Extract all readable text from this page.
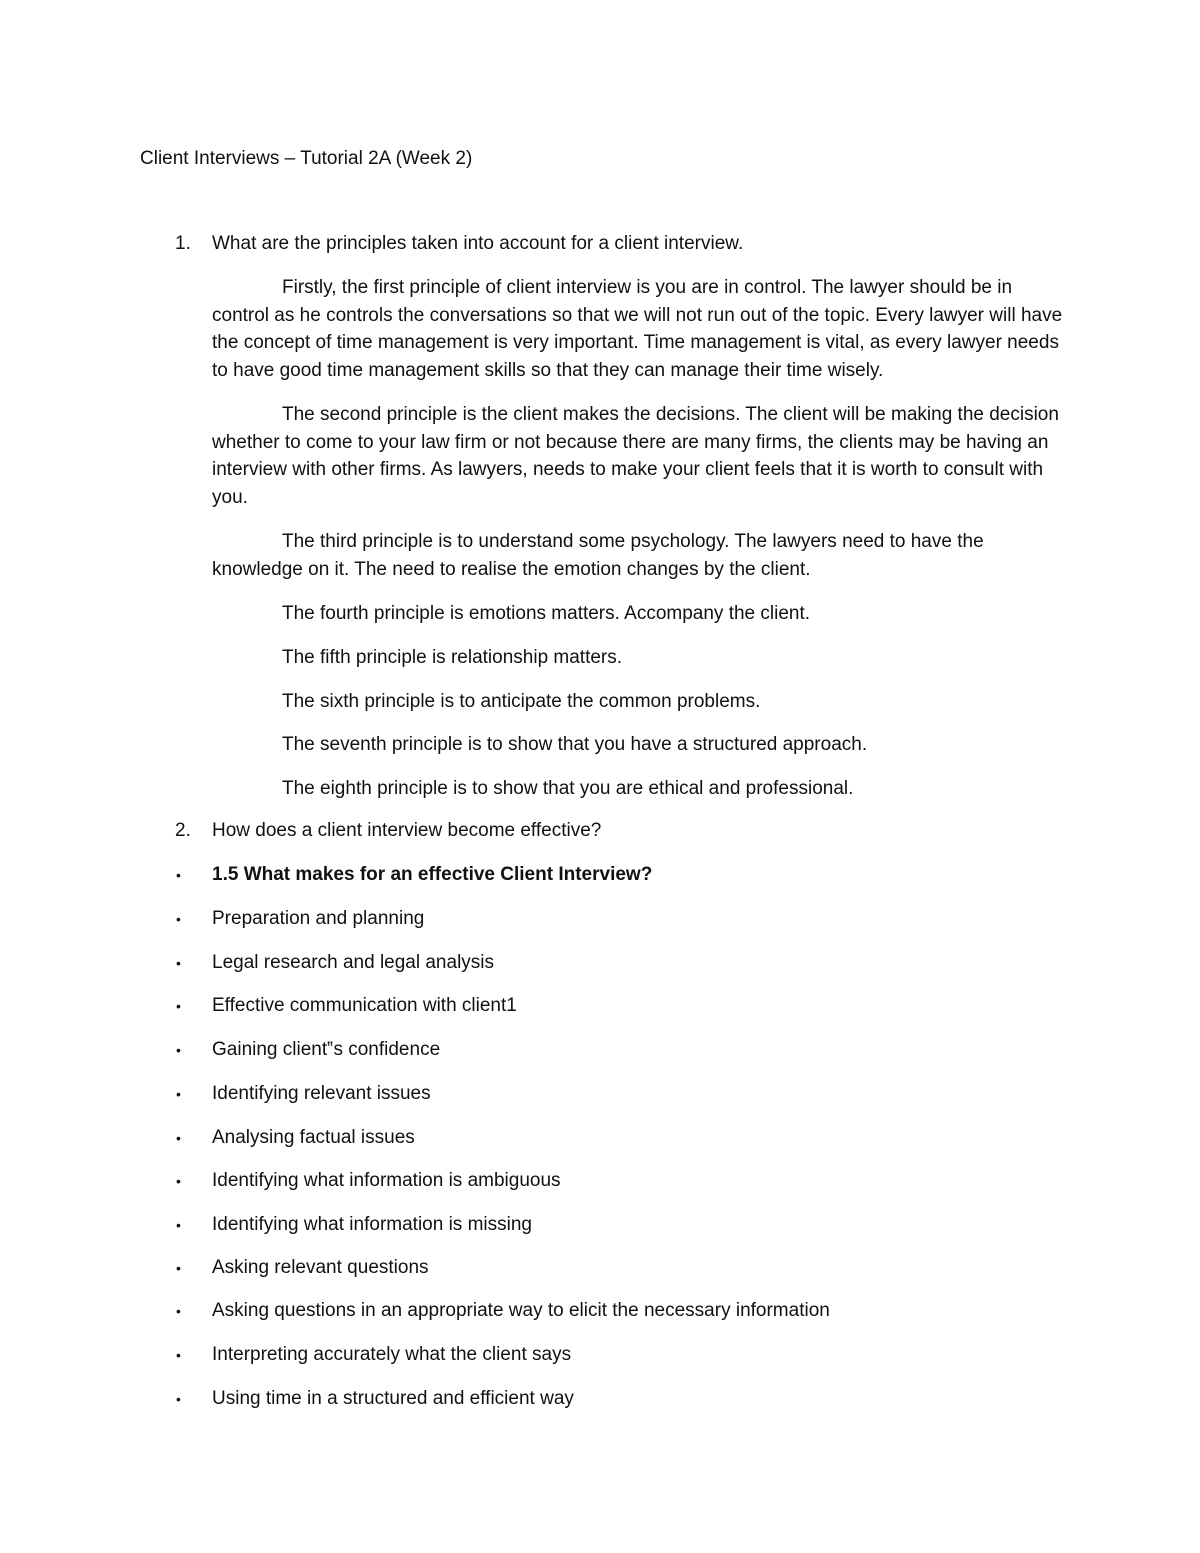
Client Interviews – Tutorial 2A (Week 2)
1. What are the principles taken into account for a client interview.

Firstly, the first principle of client interview is you are in control. The lawyer should be in control as he controls the conversations so that we will not run out of the topic. Every lawyer will have the concept of time management is very important. Time management is vital, as every lawyer needs to have good time management skills so that they can manage their time wisely.

The second principle is the client makes the decisions. The client will be making the decision whether to come to your law firm or not because there are many firms, the clients may be having an interview with other firms. As lawyers, needs to make your client feels that it is worth to consult with you.

The third principle is to understand some psychology. The lawyers need to have the knowledge on it. The need to realise the emotion changes by the client.

The fourth principle is emotions matters. Accompany the client.
The fifth principle is relationship matters.
The sixth principle is to anticipate the common problems.
The seventh principle is to show that you have a structured approach.
The eighth principle is to show that you are ethical and professional.
2. How does a client interview become effective?
• 1.5 What makes for an effective Client Interview?
• Preparation and planning
• Legal research and legal analysis
• Effective communication with client1
• Gaining client‟s confidence
• Identifying relevant issues
• Analysing factual issues
• Identifying what information is ambiguous
• Identifying what information is missing
• Asking relevant questions
• Asking questions in an appropriate way to elicit the necessary information
• Interpreting accurately what the client says
• Using time in a structured and efficient way
